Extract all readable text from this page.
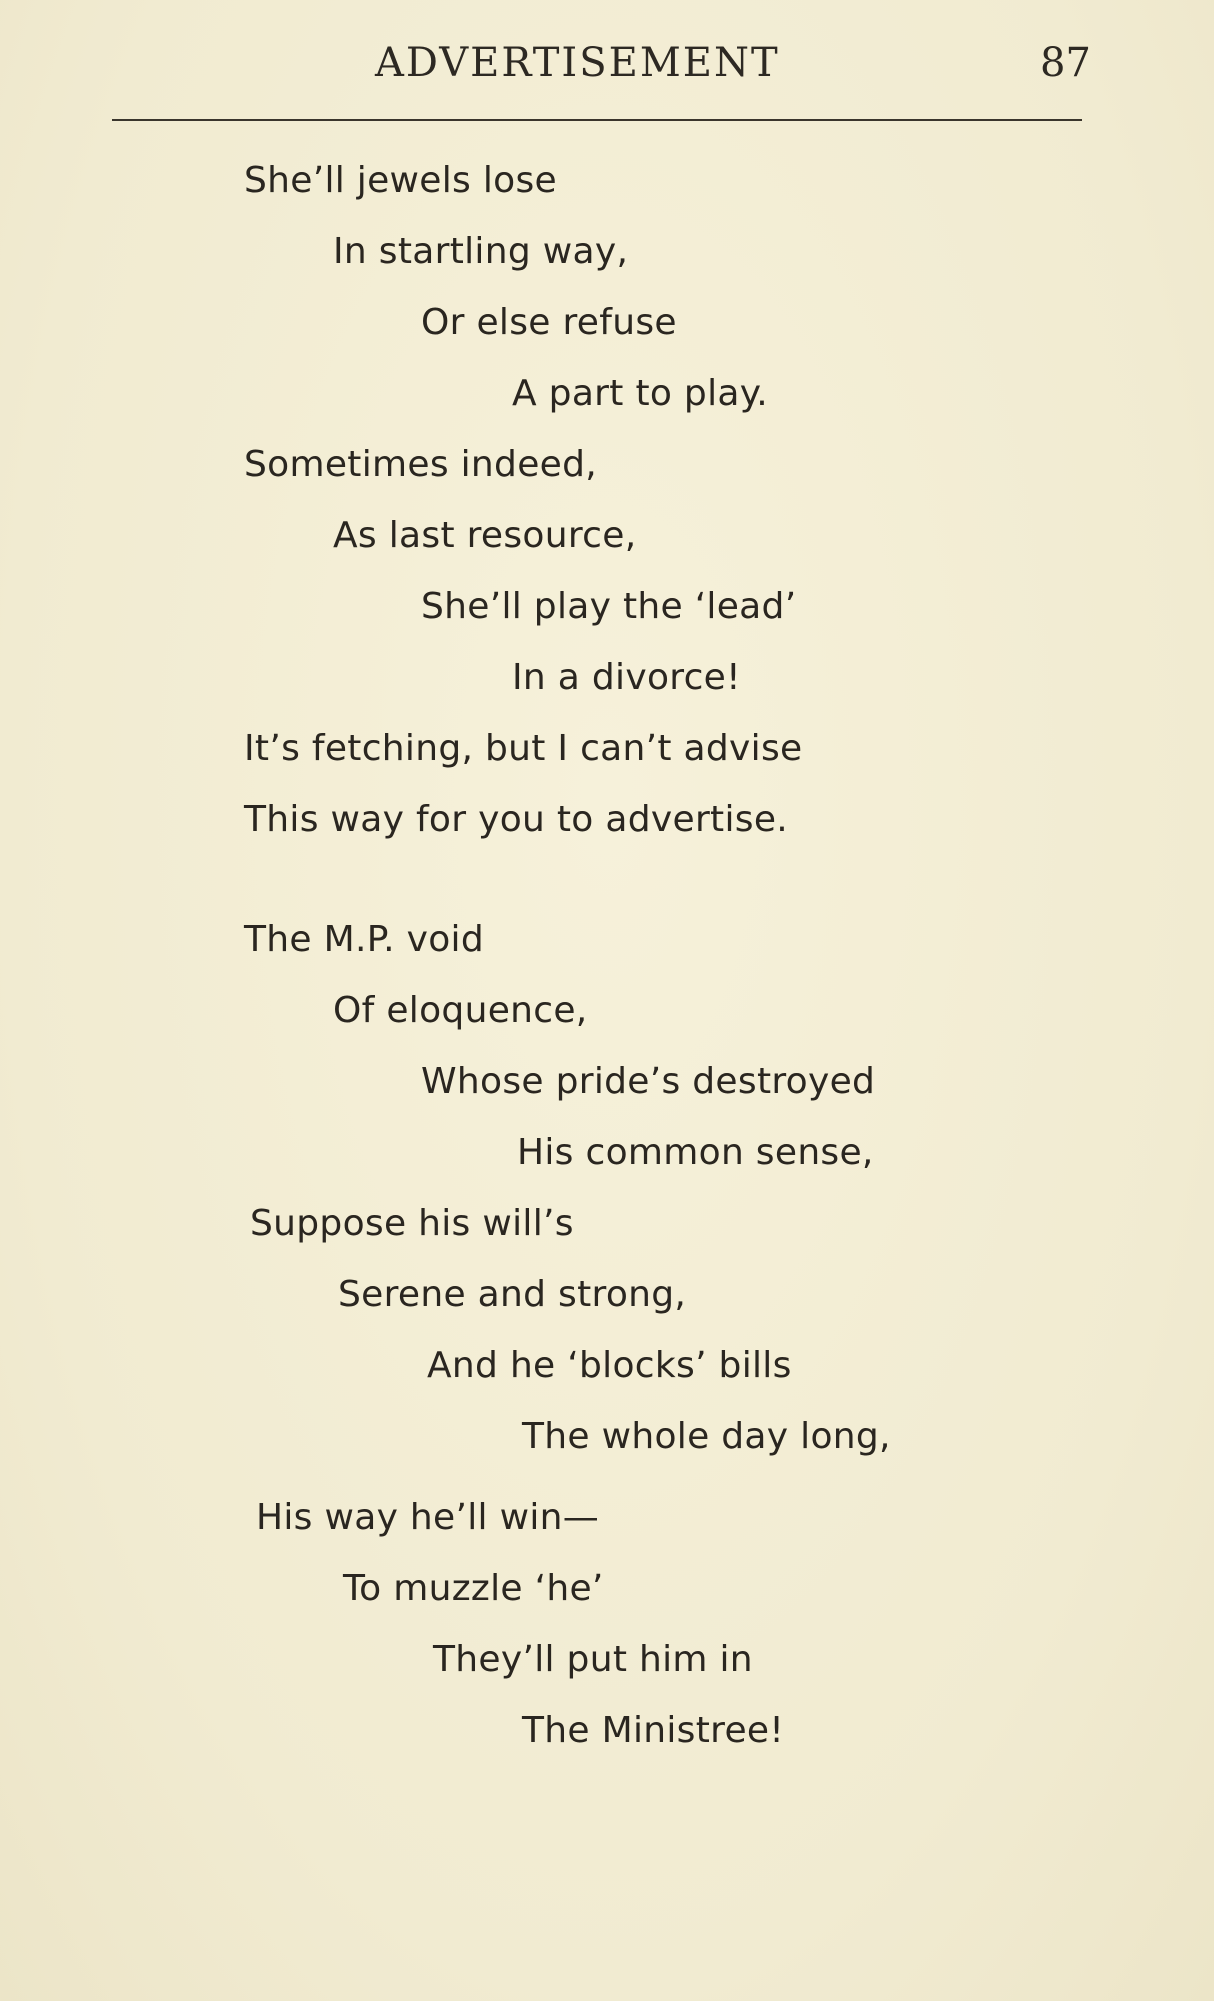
ADVERTISEMENT	87
She’ll jewels lose
In startling way,
Or else refuse
A part to play.
Sometimes indeed,
As last resource,
She’ll play the ‘lead’
In a divorce!
It’s fetching, but I can’t advise
This way for you to advertise.
The M.P. void
Of eloquence,
Whose pride’s destroyed
His common sense,
Suppose his will’s
Serene and strong,
And he ‘blocks’ bills
The whole day long,
His way he’ll win—
To muzzle ‘he’
They’ll put him in
The Ministree!
